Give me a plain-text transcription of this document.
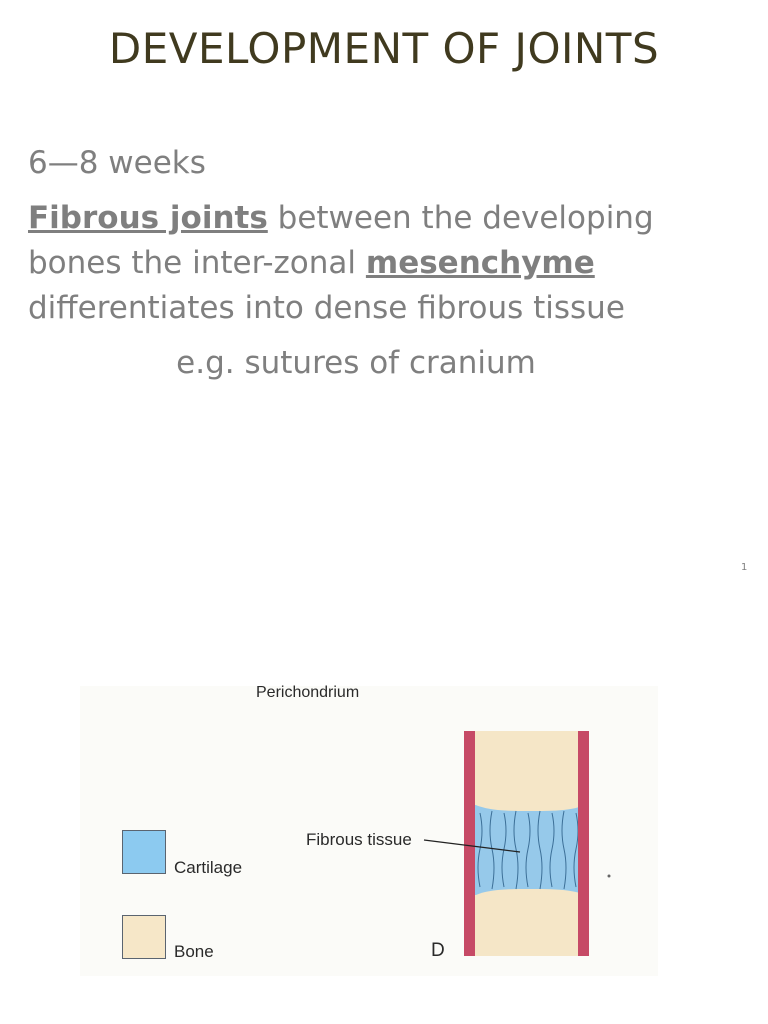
DEVELOPMENT OF JOINTS
6—8 weeks
Fibrous joints between the developing bones the inter-zonal mesenchyme differentiates into dense fibrous tissue
e.g. sutures of cranium
1
Perichondrium
Cartilage
Bone
Fibrous tissue
D
